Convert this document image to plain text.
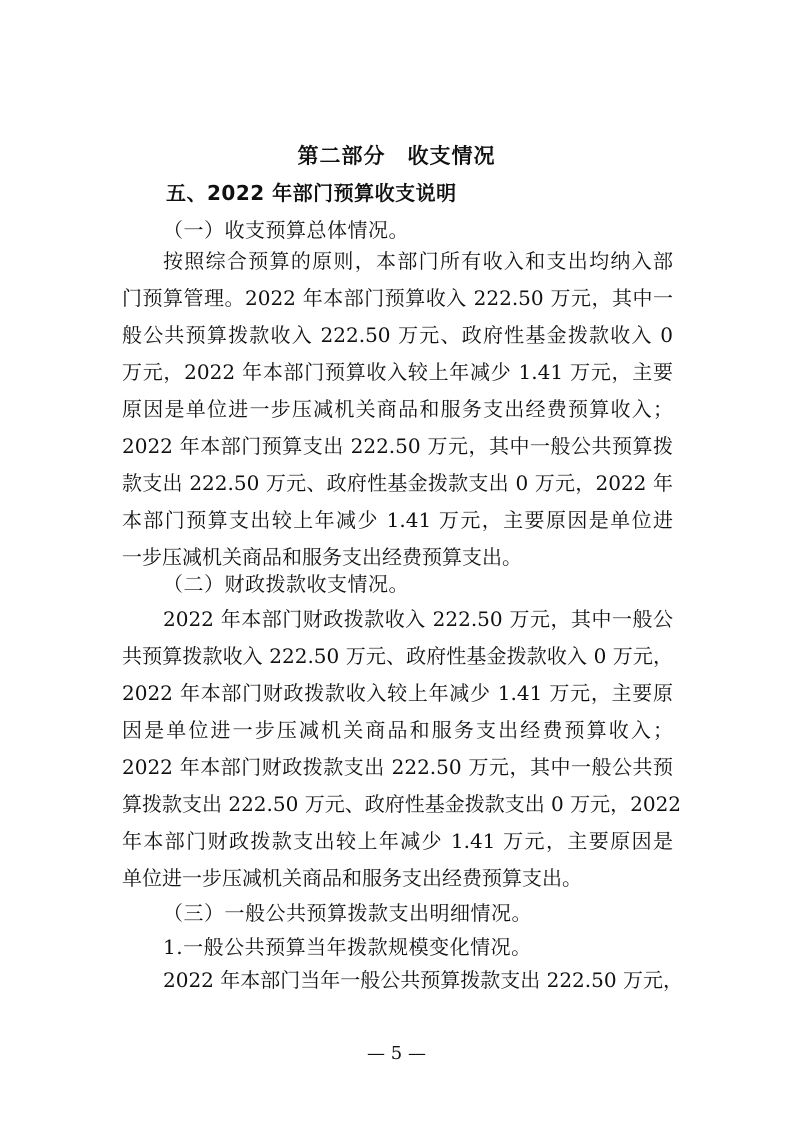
第二部分　收支情况
五、2022 年部门预算收支说明
（一）收支预算总体情况。
按照综合预算的原则，本部门所有收入和支出均纳入部
门预算管理。2022 年本部门预算收入 222.50 万元，其中一
般公共预算拨款收入 222.50 万元、政府性基金拨款收入 0
万元，2022 年本部门预算收入较上年减少 1.41 万元，主要
原因是单位进一步压减机关商品和服务支出经费预算收入；
2022 年本部门预算支出 222.50 万元，其中一般公共预算拨
款支出 222.50 万元、政府性基金拨款支出 0 万元，2022 年
本部门预算支出较上年减少 1.41 万元，主要原因是单位进
一步压减机关商品和服务支出经费预算支出。
（二）财政拨款收支情况。
2022 年本部门财政拨款收入 222.50 万元，其中一般公
共预算拨款收入 222.50 万元、政府性基金拨款收入 0 万元，
2022 年本部门财政拨款收入较上年减少 1.41 万元，主要原
因是单位进一步压减机关商品和服务支出经费预算收入；
2022 年本部门财政拨款支出 222.50 万元，其中一般公共预
算拨款支出 222.50 万元、政府性基金拨款支出 0 万元，2022
年本部门财政拨款支出较上年减少 1.41 万元，主要原因是
单位进一步压减机关商品和服务支出经费预算支出。
（三）一般公共预算拨款支出明细情况。
1.一般公共预算当年拨款规模变化情况。
2022 年本部门当年一般公共预算拨款支出 222.50 万元，
— 5 —
